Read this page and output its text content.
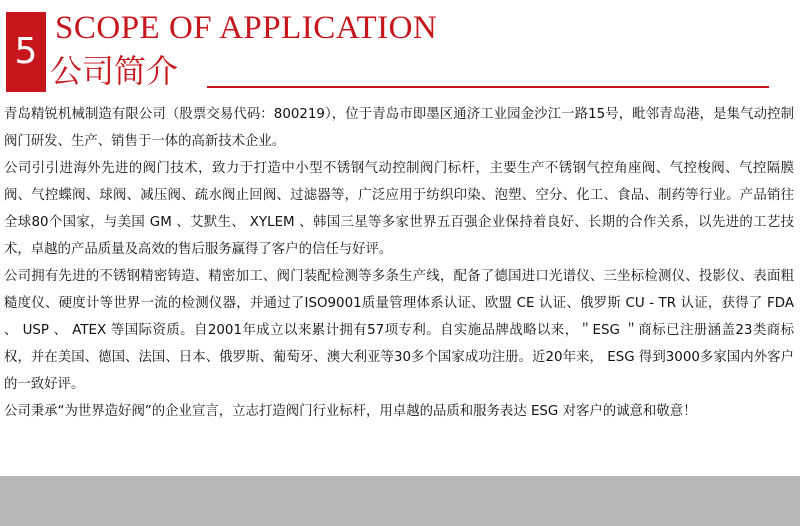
5
SCOPE OF APPLICATION
公司简介

青岛精锐机械制造有限公司（股票交易代码：800219），位于青岛市即墨区通济工业园金沙江一路15号，毗邻青岛港，是集气动控制阀门研发、生产、销售于一体的高新技术企业。

公司引引进海外先进的阀门技术，致力于打造中小型不锈钢气动控制阀门标杆，主要生产不锈钢气控角座阀、气控梭阀、气控隔膜阀、气控蝶阀、球阀、减压阀、疏水阀止回阀、过滤器等，广泛应用于纺织印染、泡塑、空分、化工、食品、制药等行业。产品销往全球80个国家，与美国 GM 、艾默生、 XYLEM 、韩国三星等多家世界五百强企业保持着良好、长期的合作关系，以先进的工艺技术，卓越的产品质量及高效的售后服务赢得了客户的信任与好评。

公司拥有先进的不锈钢精密铸造、精密加工、阀门装配检测等多条生产线，配备了德国进口光谱仪、三坐标检测仪、投影仪、表面粗糙度仪、硬度计等世界一流的检测仪器，并通过了ISO9001质量管理体系认证、欧盟 CE 认证、俄罗斯 CU - TR 认证，获得了 FDA 、 USP 、 ATEX 等国际资质。自2001年成立以来累计拥有57项专利。自实施品牌战略以来，＂ESG ＂商标已注册涵盖23类商标权，并在美国、德国、法国、日本、俄罗斯、葡萄牙、澳大利亚等30多个国家成功注册。近20年来， ESG 得到3000多家国内外客户的一致好评。

公司秉承“为世界造好阀”的企业宣言，立志打造阀门行业标杆，用卓越的品质和服务表达 ESG 对客户的诚意和敬意！
